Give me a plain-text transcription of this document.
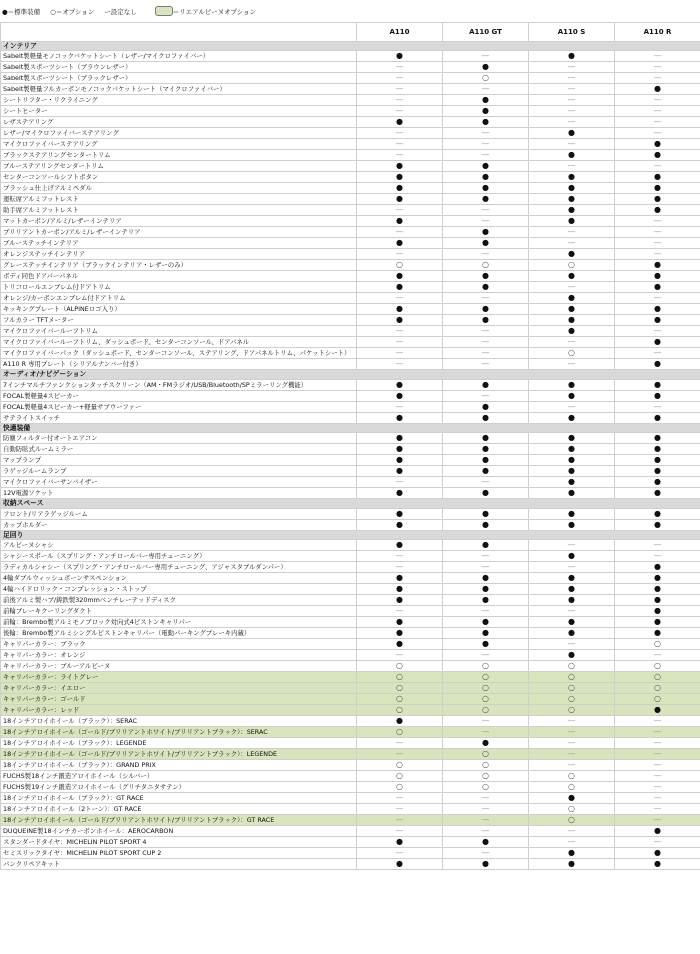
●＝標準装備 ○＝オプション ー設定なし	＝リエアルピーヌオプション
	A110	A110 GT	A110 S	A110 R
インテリア				
Sabelt製軽量モノコックバケットシート（レザー/マイクロファイバー）	●	—	●	—
Sabelt製スポーツシート（ブラウンレザー）	—	●	—	—
Sabelt製スポーツシート（ブラックレザー）	—	○	—	—
Sabelt製軽量フルカーボンモノコックバケットシート（マイクロファイバー）	—	—	—	●
シートリフター・リクライニング	—	●	—	—
シートヒーター	—	●	—	—
レザステアリング	●	●	—	—
レザー/マイクロファイバーステアリング	—	—	●	—
マイクロファイバーステアリング	—	—	—	●
ブラックステアリングセンタートリム	—	—	●	●
ブルーステアリングセンタートリム	●	●	—	—
センターコンソールシフトボタン	●	●	●	●
ブラッシュ仕上げアルミペダル	●	●	●	●
運転席アルミフットレスト	●	●	●	●
助手席アルミフットレスト	—	—	●	●
マットカーボン/アルミ/レザーインテリア	●	—	●	—
ブリリアントカーボン/アルミ/レザーインテリア	—	●	—	—
ブルーステッチインテリア	●	●	—	—
オレンジステッチインテリア	—	—	●	—
グレーステッチインテリア（ブラックインテリア・レザーのみ）	○	○	○	●
ボディ同色ドアパーパネル	●	●	●	●
トリコロールエンブレム付ドアトリム	●	●	—	●
オレンジ/カーボンエンブレム付ドアトリム	—	—	●	—
キッキングプレート（ALPINEロゴ入り）	●	●	●	●
フルカラー TFTメーター	●	●	●	●
マイクロファイバールーフトリム	—	—	●	—
マイクロファイバールーフトリム、ダッシュボード、センターコンソール、ドアパネル	—	—	—	●
マイクロファイバーパック（ダッシュボード、センターコンソール、ステアリング、ドアパネルトリム、パケットシート）	—	—	○	—
A110 R 専用プレート（シリアルナンバー付き）	—	—	—	●
オーディオ/ナビゲーション				
7インチマルチファンクションタッチスクリーン（AM・FMラジオ/USB/Bluetooth/SPミラーリング機能）	●	●	●	●
FOCAL製軽量4スピーカー	●	—	●	●
FOCAL製軽量4スピーカー+軽量サブウーファー	—	●	—	—
サテライトスイッチ	●	●	●	●
快適装備				
防塵フィルター付オートエアコン	●	●	●	●
自動防眩式ルームミラー	●	●	●	●
マップランプ	●	●	●	●
ラゲッジルームランプ	●	●	●	●
マイクロファイバーサンバイザー	—	—	●	●
12V電源ソケット	●	●	●	●
収納スペース				
フロント/リアラゲッジルーム	●	●	●	●
カップホルダー	●	●	●	●
足回り				
アルピーヌシャシ	●	●	—	—
シャシースポール（スプリング・アンチロールバー専用チューニング）	—	—	●	—
ラディカルシャシー（スプリング・アンチロールバー専用チューニング、アジャスタブルダンパー）	—	—	—	●
4輪ダブルウィッシュボーンサスペンション	●	●	●	●
4輪ハイドロリック・コンプレッション・ストップ	●	●	●	●
前後アルミ製ハブ/鋳鉄製320mmベンチレーテッドディスク	●	●	●	●
前輪ブレーキクーリングダクト	—	—	—	●
前輪：Brembo製アルミモノブロック対向式4ピストンキャリパー	●	●	●	●
後輪：Brembo製アルミシングルピストンキャリパー（電動パーキングブレーキ内蔵）	●	●	●	●
キャリパーカラー：ブラック	●	●	—	○
キャリパーカラー：オレンジ	—	—	●	—
キャリパーカラー：ブルーアルピーヌ	○	○	○	○
キャリパーカラー：ライトグレー	○	○	○	○
キャリパーカラー：イエロー	○	○	○	○
キャリパーカラー：ゴールド	○	○	○	○
キャリパーカラー：レッド	○	○	○	●
18インチアロイホイール（ブラック）：SERAC	●	—	—	—
18インチアロイホイール（ゴールド/ブリリアントホワイト/ブリリアントブラック）：SERAC	○	—	—	—
18インチアロイホイール（ブラック）：LEGENDE	—	●	—	—
18インチアロイホイール（ゴールド/ブリリアントホワイト/ブリリアントブラック）：LEGENDE	—	○	—	—
18インチアロイホイール（ブラック）：GRAND PRIX	○	○	—	—
FUCHS製18インチ鍛造アロイホイール（シルバー）	○	○	○	—
FUCHS製19インチ鍛造アロイホイール（グリチタニタサテン）	○	○	○	—
18インチアロイホイール（ブラック）：GT RACE	—	—	●	—
18インチアロイホイール（2トーン）：GT RACE	—	—	○	—
18インチアロイホイール（ゴールド/ブリリアントホワイト/ブリリアントブラック）：GT RACE	—	—	○	—
DUQUEINE製18インチカーボンホイール：AEROCARBON	—	—	—	●
スタンダードタイヤ：MICHELIN PILOT SPORT 4	●	●	—	—
セミスリックタイヤ：MICHELIN PILOT SPORT CUP 2	—	—	●	●
パンクリペアキット	●	●	●	●
